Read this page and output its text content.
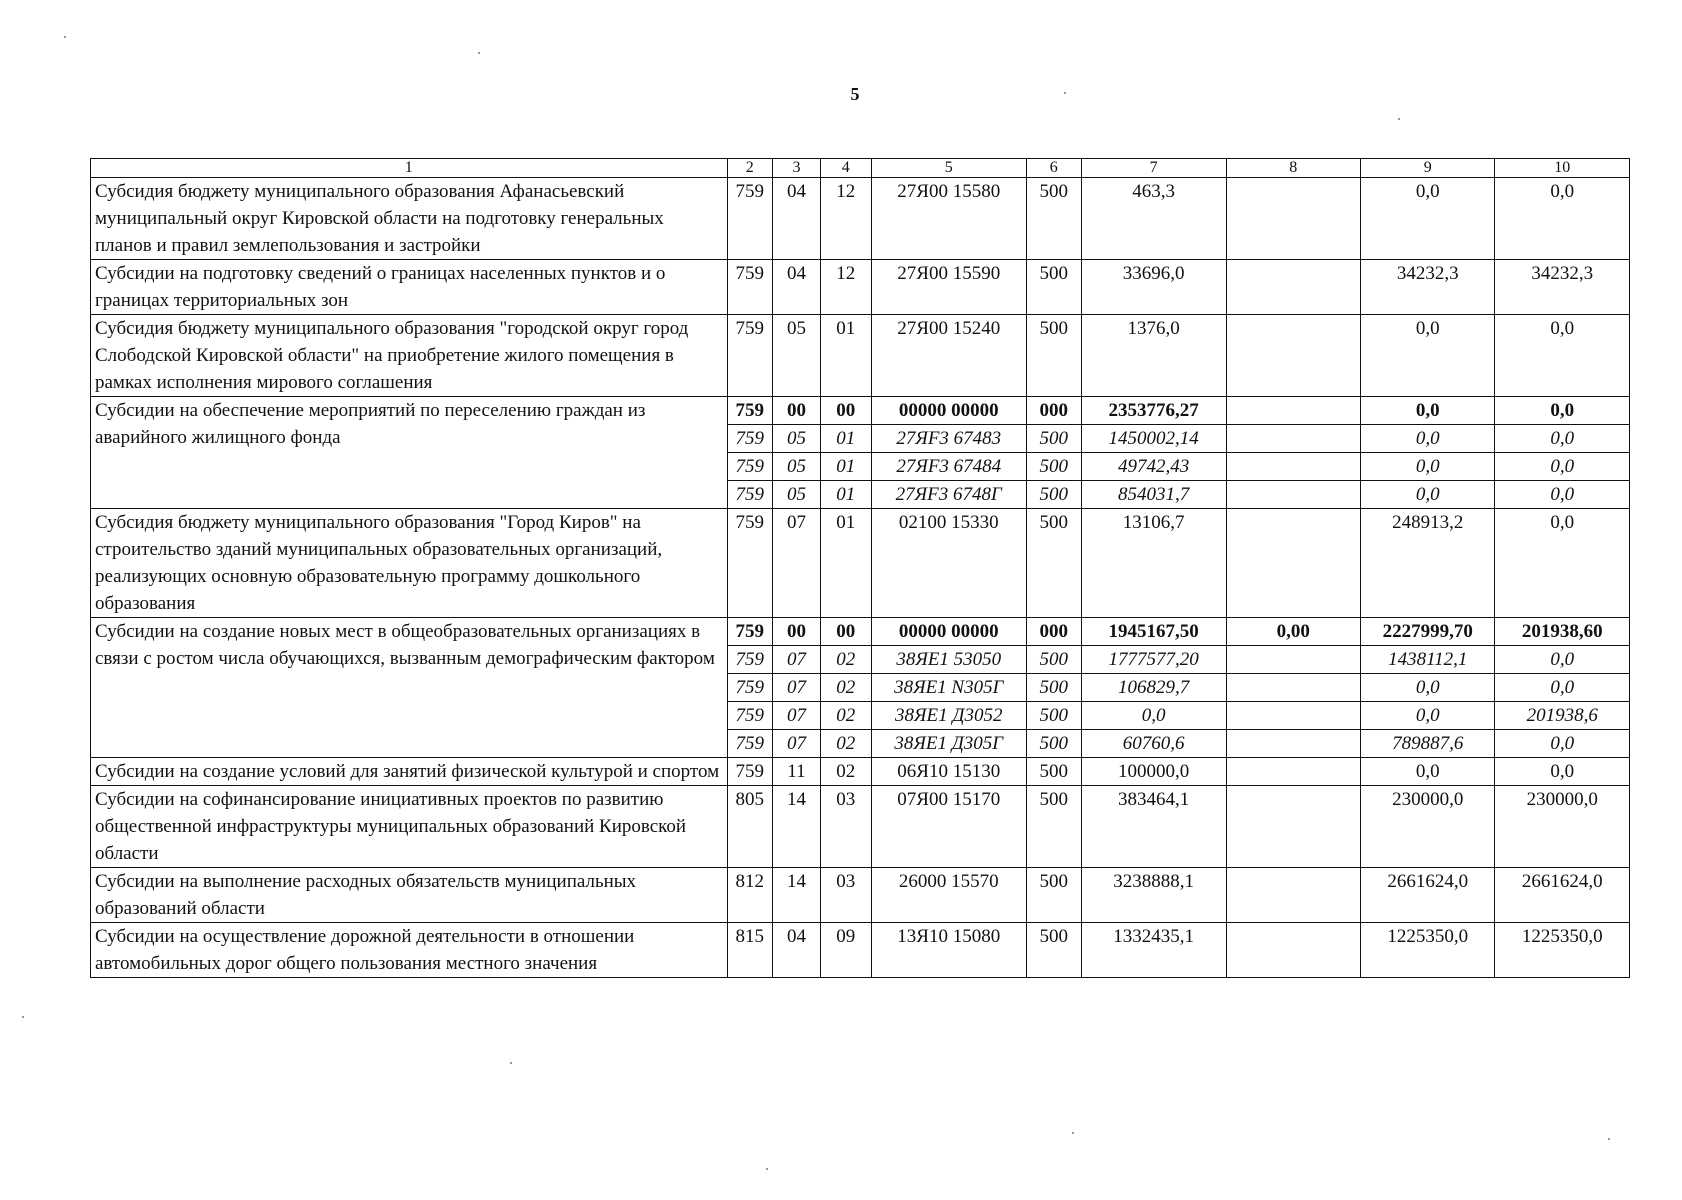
5
1	2	3	4	5	6	7	8	9	10
Субсидия бюджету муниципального образования Афанасьевский муниципальный округ Кировской области на подготовку генеральных планов и правил землепользования и застройки	759	04	12	27Я00 15580	500	463,3		0,0	0,0
Субсидии на подготовку сведений о границах населенных пунктов и о границах территориальных зон	759	04	12	27Я00 15590	500	33696,0		34232,3	34232,3
Субсидия бюджету муниципального образования "городской округ город Слободской Кировской области" на приобретение жилого помещения в рамках исполнения мирового соглашения	759	05	01	27Я00 15240	500	1376,0		0,0	0,0
Субсидии на обеспечение мероприятий по переселению граждан из аварийного жилищного фонда	759	00	00	00000 00000	000	2353776,27		0,0	0,0
	759	05	01	27ЯF3 67483	500	1450002,14		0,0	0,0
	759	05	01	27ЯF3 67484	500	49742,43		0,0	0,0
	759	05	01	27ЯF3 6748Г	500	854031,7		0,0	0,0
Субсидия бюджету муниципального образования "Город Киров" на строительство зданий муниципальных образовательных организаций, реализующих основную образовательную программу дошкольного образования	759	07	01	02100 15330	500	13106,7		248913,2	0,0
Субсидии на создание новых мест в общеобразовательных организациях в связи с ростом числа обучающихся, вызванным демографическим фактором	759	00	00	00000 00000	000	1945167,50	0,00	2227999,70	201938,60
	759	07	02	38ЯЕ1 53050	500	1777577,20		1438112,1	0,0
	759	07	02	38ЯЕ1 N305Г	500	106829,7		0,0	0,0
	759	07	02	38ЯЕ1 Д3052	500	0,0		0,0	201938,6
	759	07	02	38ЯЕ1 Д305Г	500	60760,6		789887,6	0,0
Субсидии на создание условий для занятий физической культурой и спортом	759	11	02	06Я10 15130	500	100000,0		0,0	0,0
Субсидии на софинансирование инициативных проектов по развитию общественной инфраструктуры муниципальных образований Кировской области	805	14	03	07Я00 15170	500	383464,1		230000,0	230000,0
Субсидии на выполнение расходных обязательств муниципальных образований области	812	14	03	26000 15570	500	3238888,1		2661624,0	2661624,0
Субсидии на осуществление дорожной деятельности в отношении автомобильных дорог общего пользования местного значения	815	04	09	13Я10 15080	500	1332435,1		1225350,0	1225350,0
